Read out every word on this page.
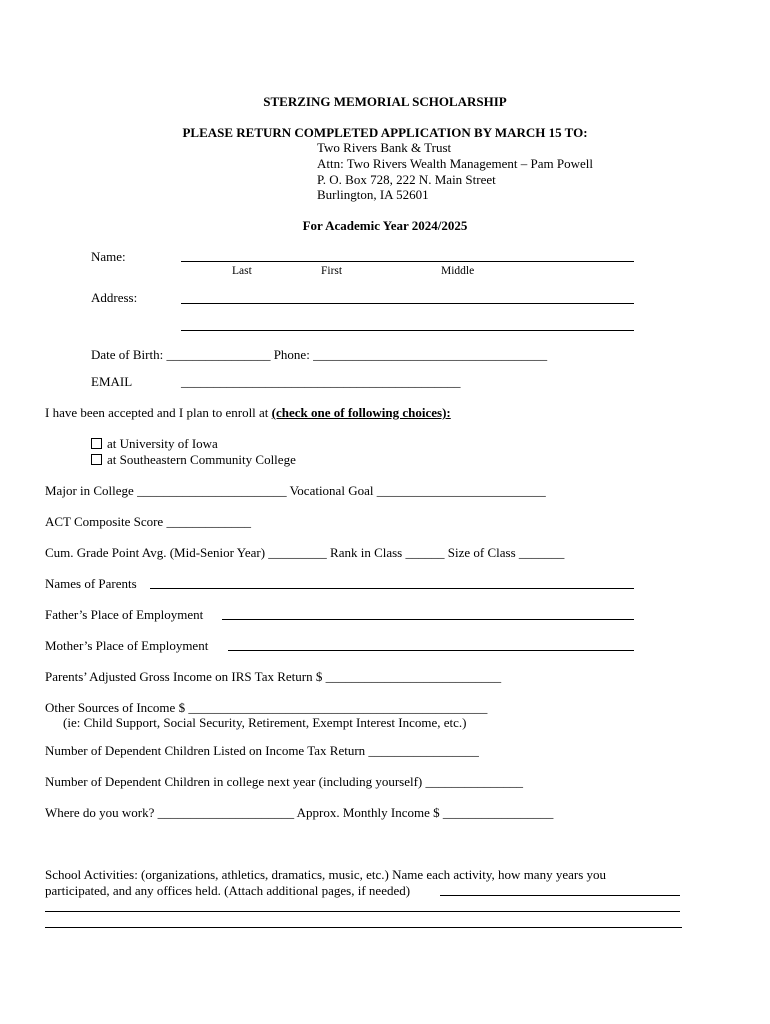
STERZING MEMORIAL SCHOLARSHIP
PLEASE RETURN COMPLETED APPLICATION BY MARCH 15 TO:
Two Rivers Bank & Trust
Attn: Two Rivers Wealth Management – Pam Powell
P. O. Box 728, 222 N. Main Street
Burlington, IA 52601
For Academic Year 2024/2025
Name:
Last	First	Middle
Address:
Date of Birth: ________________ Phone: ____________________________________
EMAIL	___________________________________________
I have been accepted and I plan to enroll at (check one of following choices):
at University of Iowa
at Southeastern Community College
Major in College _______________________ Vocational Goal __________________________
ACT Composite Score _____________
Cum. Grade Point Avg. (Mid-Senior Year) _________ Rank in Class ______ Size of Class _______
Names of Parents
Father’s Place of Employment
Mother’s Place of Employment
Parents’ Adjusted Gross Income on IRS Tax Return $ ___________________________
Other Sources of Income $ ______________________________________________
(ie: Child Support, Social Security, Retirement, Exempt Interest Income, etc.)
Number of Dependent Children Listed on Income Tax Return _________________
Number of Dependent Children in college next year (including yourself) _______________
Where do you work? _____________________ Approx. Monthly Income $ _________________
School Activities: (organizations, athletics, dramatics, music, etc.) Name each activity, how many years you
participated, and any offices held. (Attach additional pages, if needed)
